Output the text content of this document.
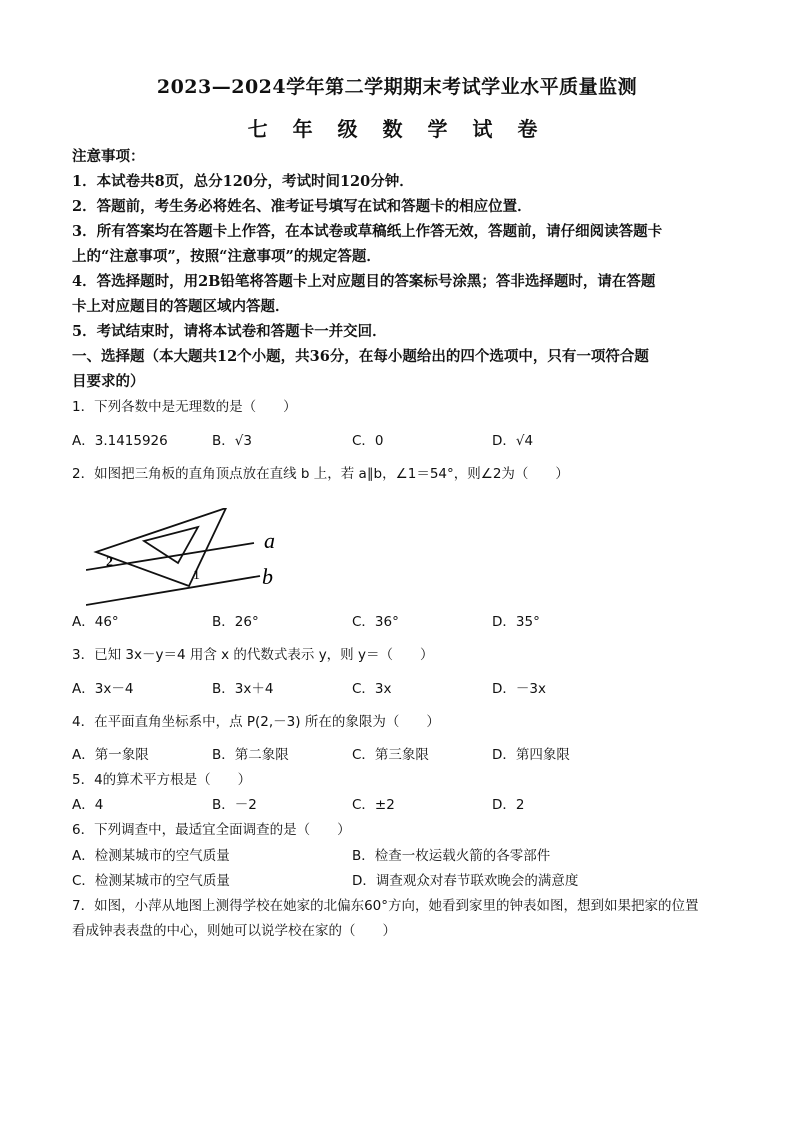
2023—2024学年第二学期期末考试学业水平质量监测
七 年 级 数 学 试 卷
注意事项：
1．本试卷共8页，总分120分，考试时间120分钟．
2．答题前，考生务必将姓名、准考证号填写在试和答题卡的相应位置．
3．所有答案均在答题卡上作答，在本试卷或草稿纸上作答无效，答题前，请仔细阅读答题卡
上的“注意事项”，按照“注意事项”的规定答题．
4．答选择题时，用2B铅笔将答题卡上对应题目的答案标号涂黑；答非选择题时，请在答题
卡上对应题目的答题区域内答题．
5．考试结束时，请将本试卷和答题卡一并交回．
一、选择题（本大题共12个小题，共36分，在每小题给出的四个选项中，只有一项符合题
目要求的）
1．下列各数中是无理数的是（　　）
A．3.1415926	B．√3	C．0	D．√4
2．如图把三角板的直角顶点放在直线 b 上，若 a∥b，∠1＝54°，则∠2为（　　）
a
b
1
2
A．46°	B．26°	C．36°	D．35°
3．已知 3x－y＝4 用含 x 的代数式表示 y，则 y＝（　　）
A．3x－4	B．3x＋4	C．3x	D．－3x
4．在平面直角坐标系中，点 P(2,－3) 所在的象限为（　　）
A．第一象限	B．第二象限	C．第三象限	D．第四象限
5．4的算术平方根是（　　）
A．4	B．－2	C．±2	D．2
6．下列调查中，最适宜全面调查的是（　　）
A．检测某城市的空气质量	B．检查一枚运载火箭的各零部件
C．检测某城市的空气质量	D．调查观众对春节联欢晚会的满意度
7．如图，小萍从地图上测得学校在她家的北偏东60°方向，她看到家里的钟表如图，想到如果把家的位置
看成钟表表盘的中心，则她可以说学校在家的（　　）
